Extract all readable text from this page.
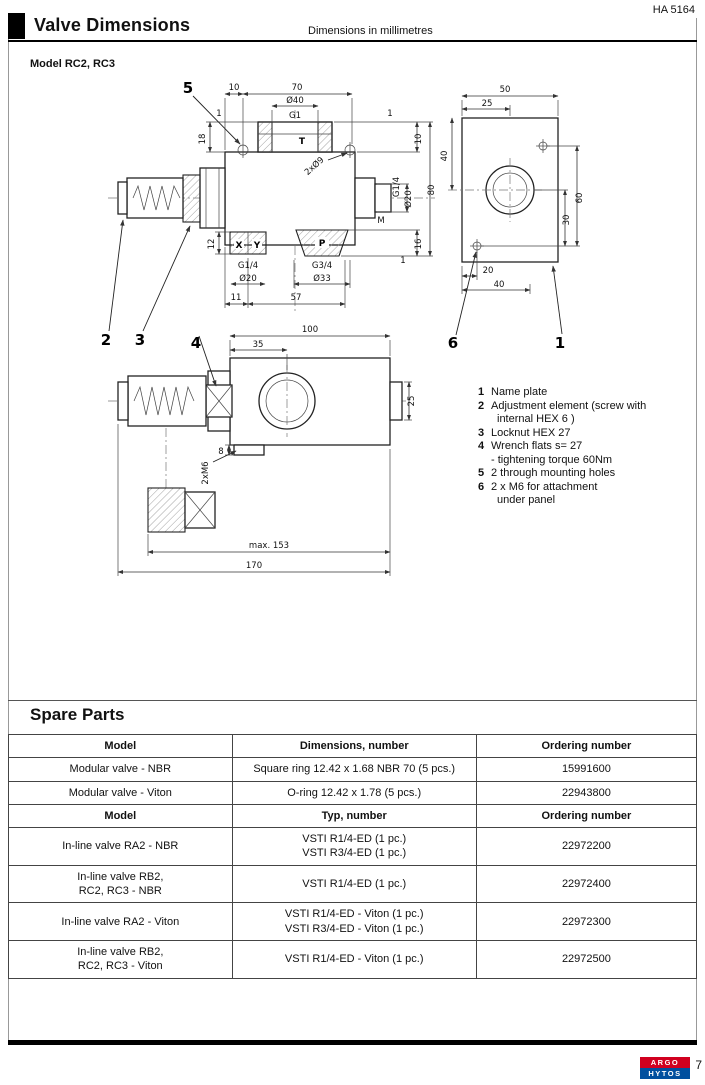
HA 5164
Valve Dimensions	Dimensions in millimetres
Model RC2, RC3
10	70
Ø40
G1
T
1
18
2xØ9
1
10
G1/4
Ø20
80
M
16
1
12 X Y	P
G1/4	G3/4
Ø20	Ø33
11	57
50
25
40
60
30
20
40
100
35
25
8
2xM6
max. 153
170
5
2 3	4	6	1
1 Name plate
2 Adjustment element (screw with
internal HEX 6 )
3 Locknut HEX 27
4 Wrench flats s= 27
- tightening torque 60Nm
5 2 through mounting holes
6 2 x M6 for attachment
under panel
Spare Parts
Model	Dimensions, number	Ordering number

Modular valve - NBR	Square ring 12.42 x 1.68 NBR 70 (5 pcs.)	15991600

Modular valve - Viton	O-ring 12.42 x 1.78 (5 pcs.)	22943800
Model	Typ, number	Ordering number

In-line valve RA2 - NBR	VSTI R1/4-ED (1 pc.)
VSTI R3/4-ED (1 pc.)	22972200

In-line valve RB2,
RC2, RC3 - NBR	VSTI R1/4-ED (1 pc.)	22972400

In-line valve RA2 - Viton	VSTI R1/4-ED - Viton (1 pc.)
VSTI R3/4-ED - Viton (1 pc.)	22972300

In-line valve RB2,
RC2, RC3 - Viton	VSTI R1/4-ED - Viton (1 pc.)	22972500
ARGO
HYTOS
7
